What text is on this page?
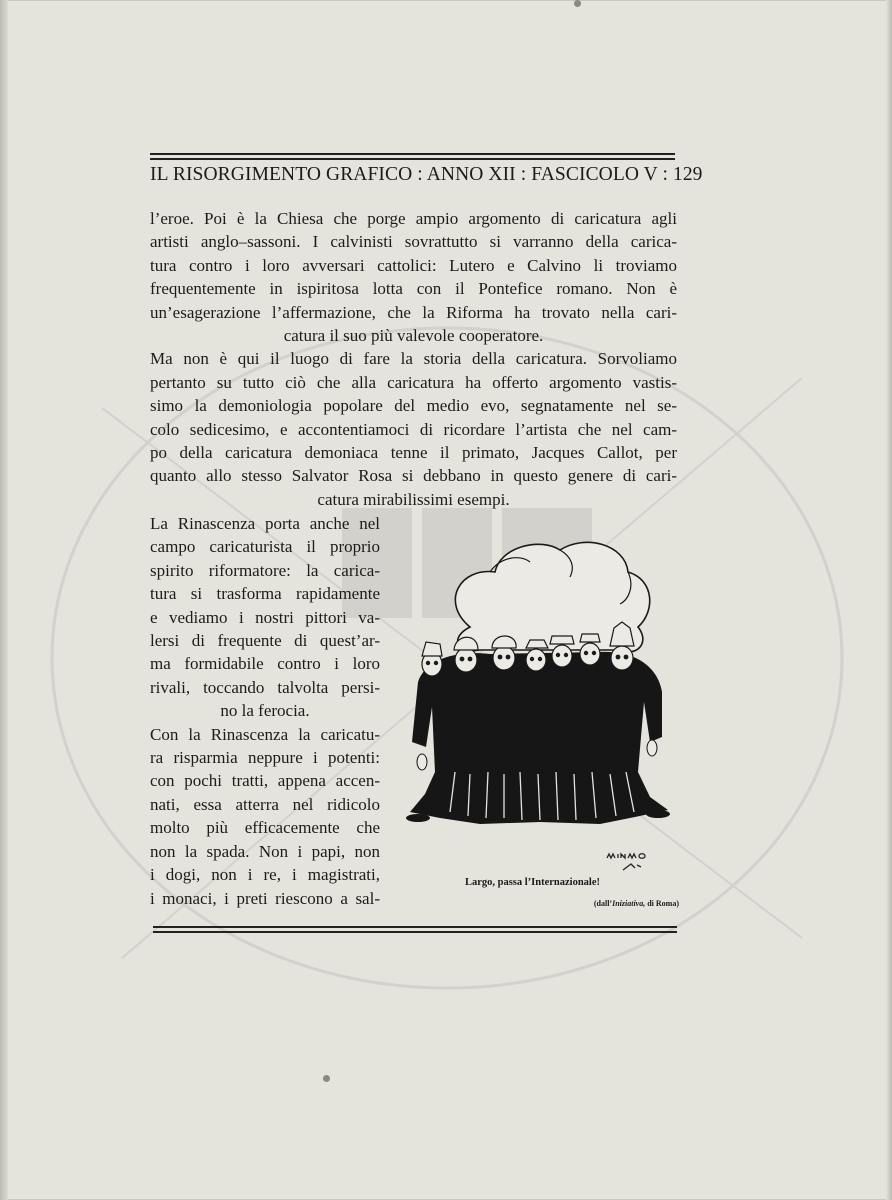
IL RISORGIMENTO GRAFICO : ANNO XII : FASCICOLO V : 129

l’eroe. Poi è la Chiesa che porge ampio argomento di caricatura agli
artisti anglo–sassoni. I calvinisti sovrattutto si varranno della carica-
tura contro i loro avversari cattolici: Lutero e Calvino li troviamo
frequentemente in ispiritosa lotta con il Pontefice romano. Non è
un’esagerazione l’affermazione, che la Riforma ha trovato nella cari-
catura il suo più valevole cooperatore.

Ma non è qui il luogo di fare la storia della caricatura. Sorvoliamo
pertanto su tutto ciò che alla caricatura ha offerto argomento vastis-
simo la demoniologia popolare del medio evo, segnatamente nel se-
colo sedicesimo, e accontentiamoci di ricordare l’artista che nel cam-
po della caricatura demoniaca tenne il primato, Jacques Callot, per
quanto allo stesso Salvator Rosa si debbano in questo genere di cari-
catura mirabilissimi esempi.

La Rinascenza porta anche nel
campo caricaturista il proprio
spirito riformatore: la carica-
tura si trasforma rapidamente
e vediamo i nostri pittori va-
lersi di frequente di quest’ar-
ma formidabile contro i loro
rivali, toccando talvolta persi-
no la ferocia.

Con la Rinascenza la caricatu-
ra risparmia neppure i potenti:
con pochi tratti, appena accen-
nati, essa atterra nel ridicolo
molto più efficacemente che
non la spada. Non i papi, non
i dogi, non i re, i magistrati,
i monaci, i preti riescono a sal-

Largo, passa l’Internazionale!
(dall’Iniziativa, di Roma)
